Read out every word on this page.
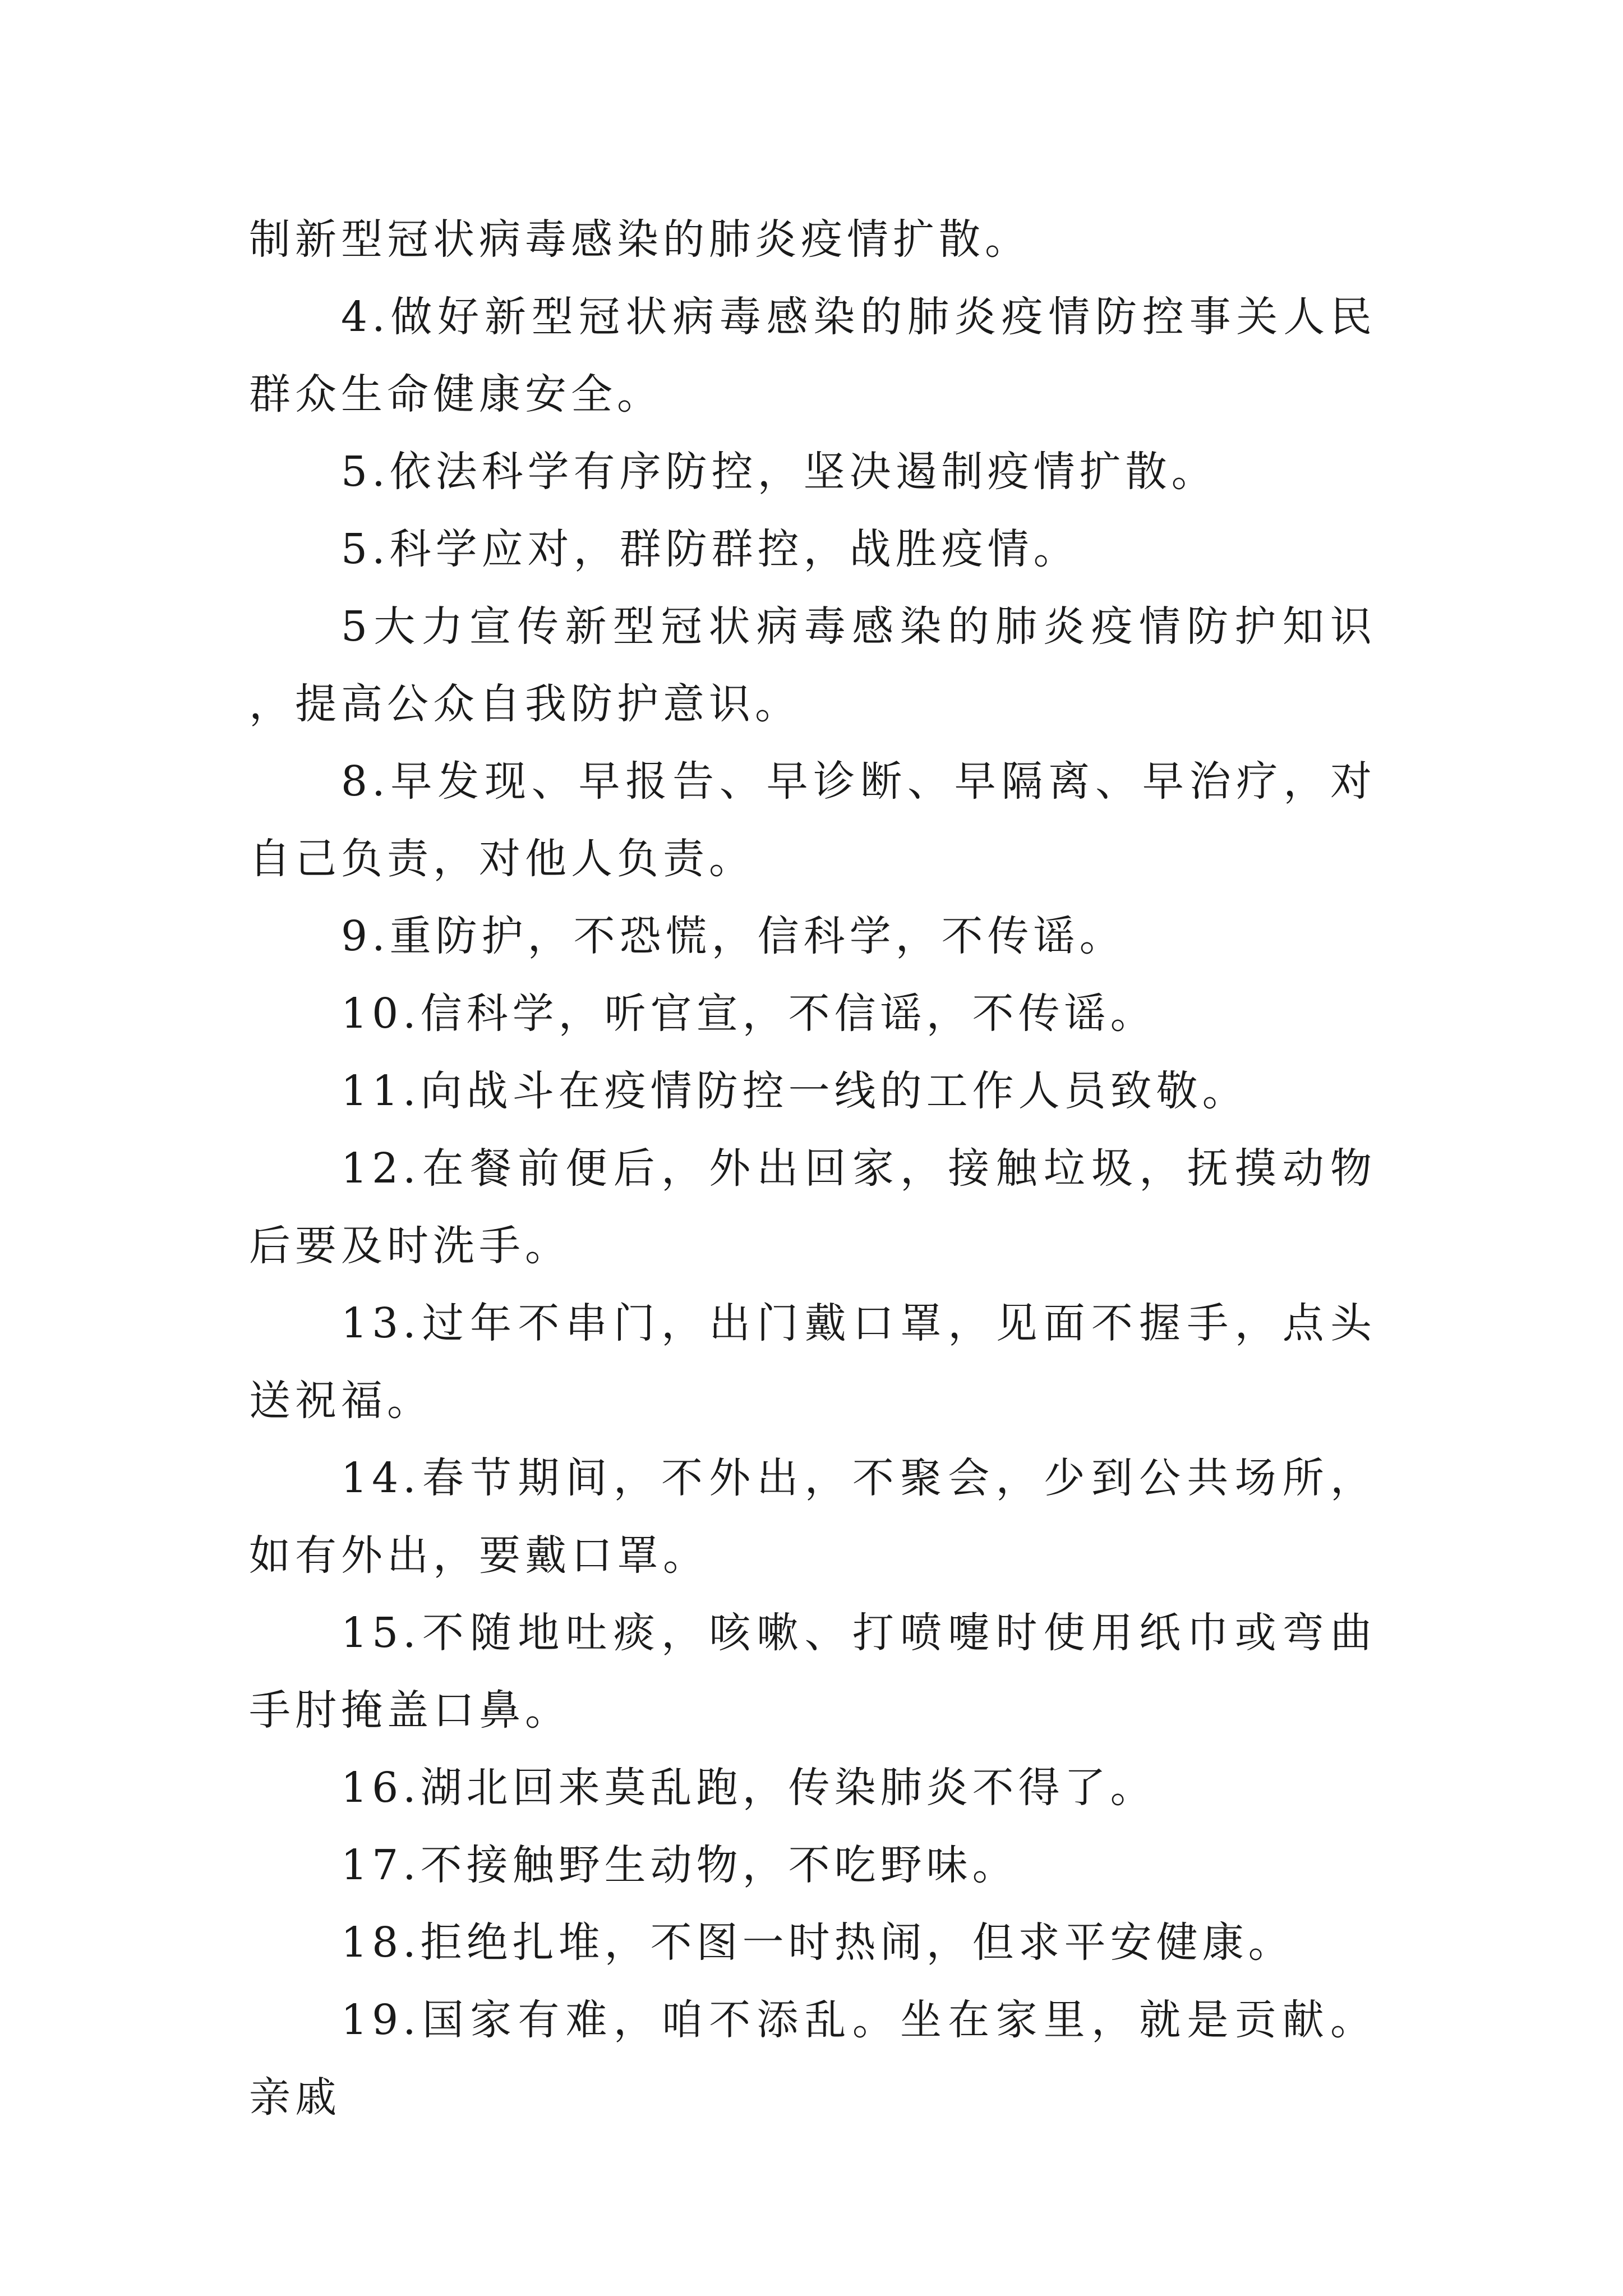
制新型冠状病毒感染的肺炎疫情扩散。

4.做好新型冠状病毒感染的肺炎疫情防控事关人民群众生命健康安全。

5.依法科学有序防控，坚决遏制疫情扩散。

5.科学应对，群防群控，战胜疫情。

5大力宣传新型冠状病毒感染的肺炎疫情防护知识，提高公众自我防护意识。

8.早发现、早报告、早诊断、早隔离、早治疗，对自己负责，对他人负责。

9.重防护，不恐慌，信科学，不传谣。

10.信科学，听官宣，不信谣，不传谣。

11.向战斗在疫情防控一线的工作人员致敬。

12.在餐前便后，外出回家，接触垃圾，抚摸动物后要及时洗手。

13.过年不串门，出门戴口罩，见面不握手，点头送祝福。

14.春节期间，不外出，不聚会，少到公共场所，如有外出，要戴口罩。

15.不随地吐痰，咳嗽、打喷嚏时使用纸巾或弯曲手肘掩盖口鼻。

16.湖北回来莫乱跑，传染肺炎不得了。

17.不接触野生动物，不吃野味。

18.拒绝扎堆，不图一时热闹，但求平安健康。

19.国家有难，咱不添乱。坐在家里，就是贡献。亲戚
